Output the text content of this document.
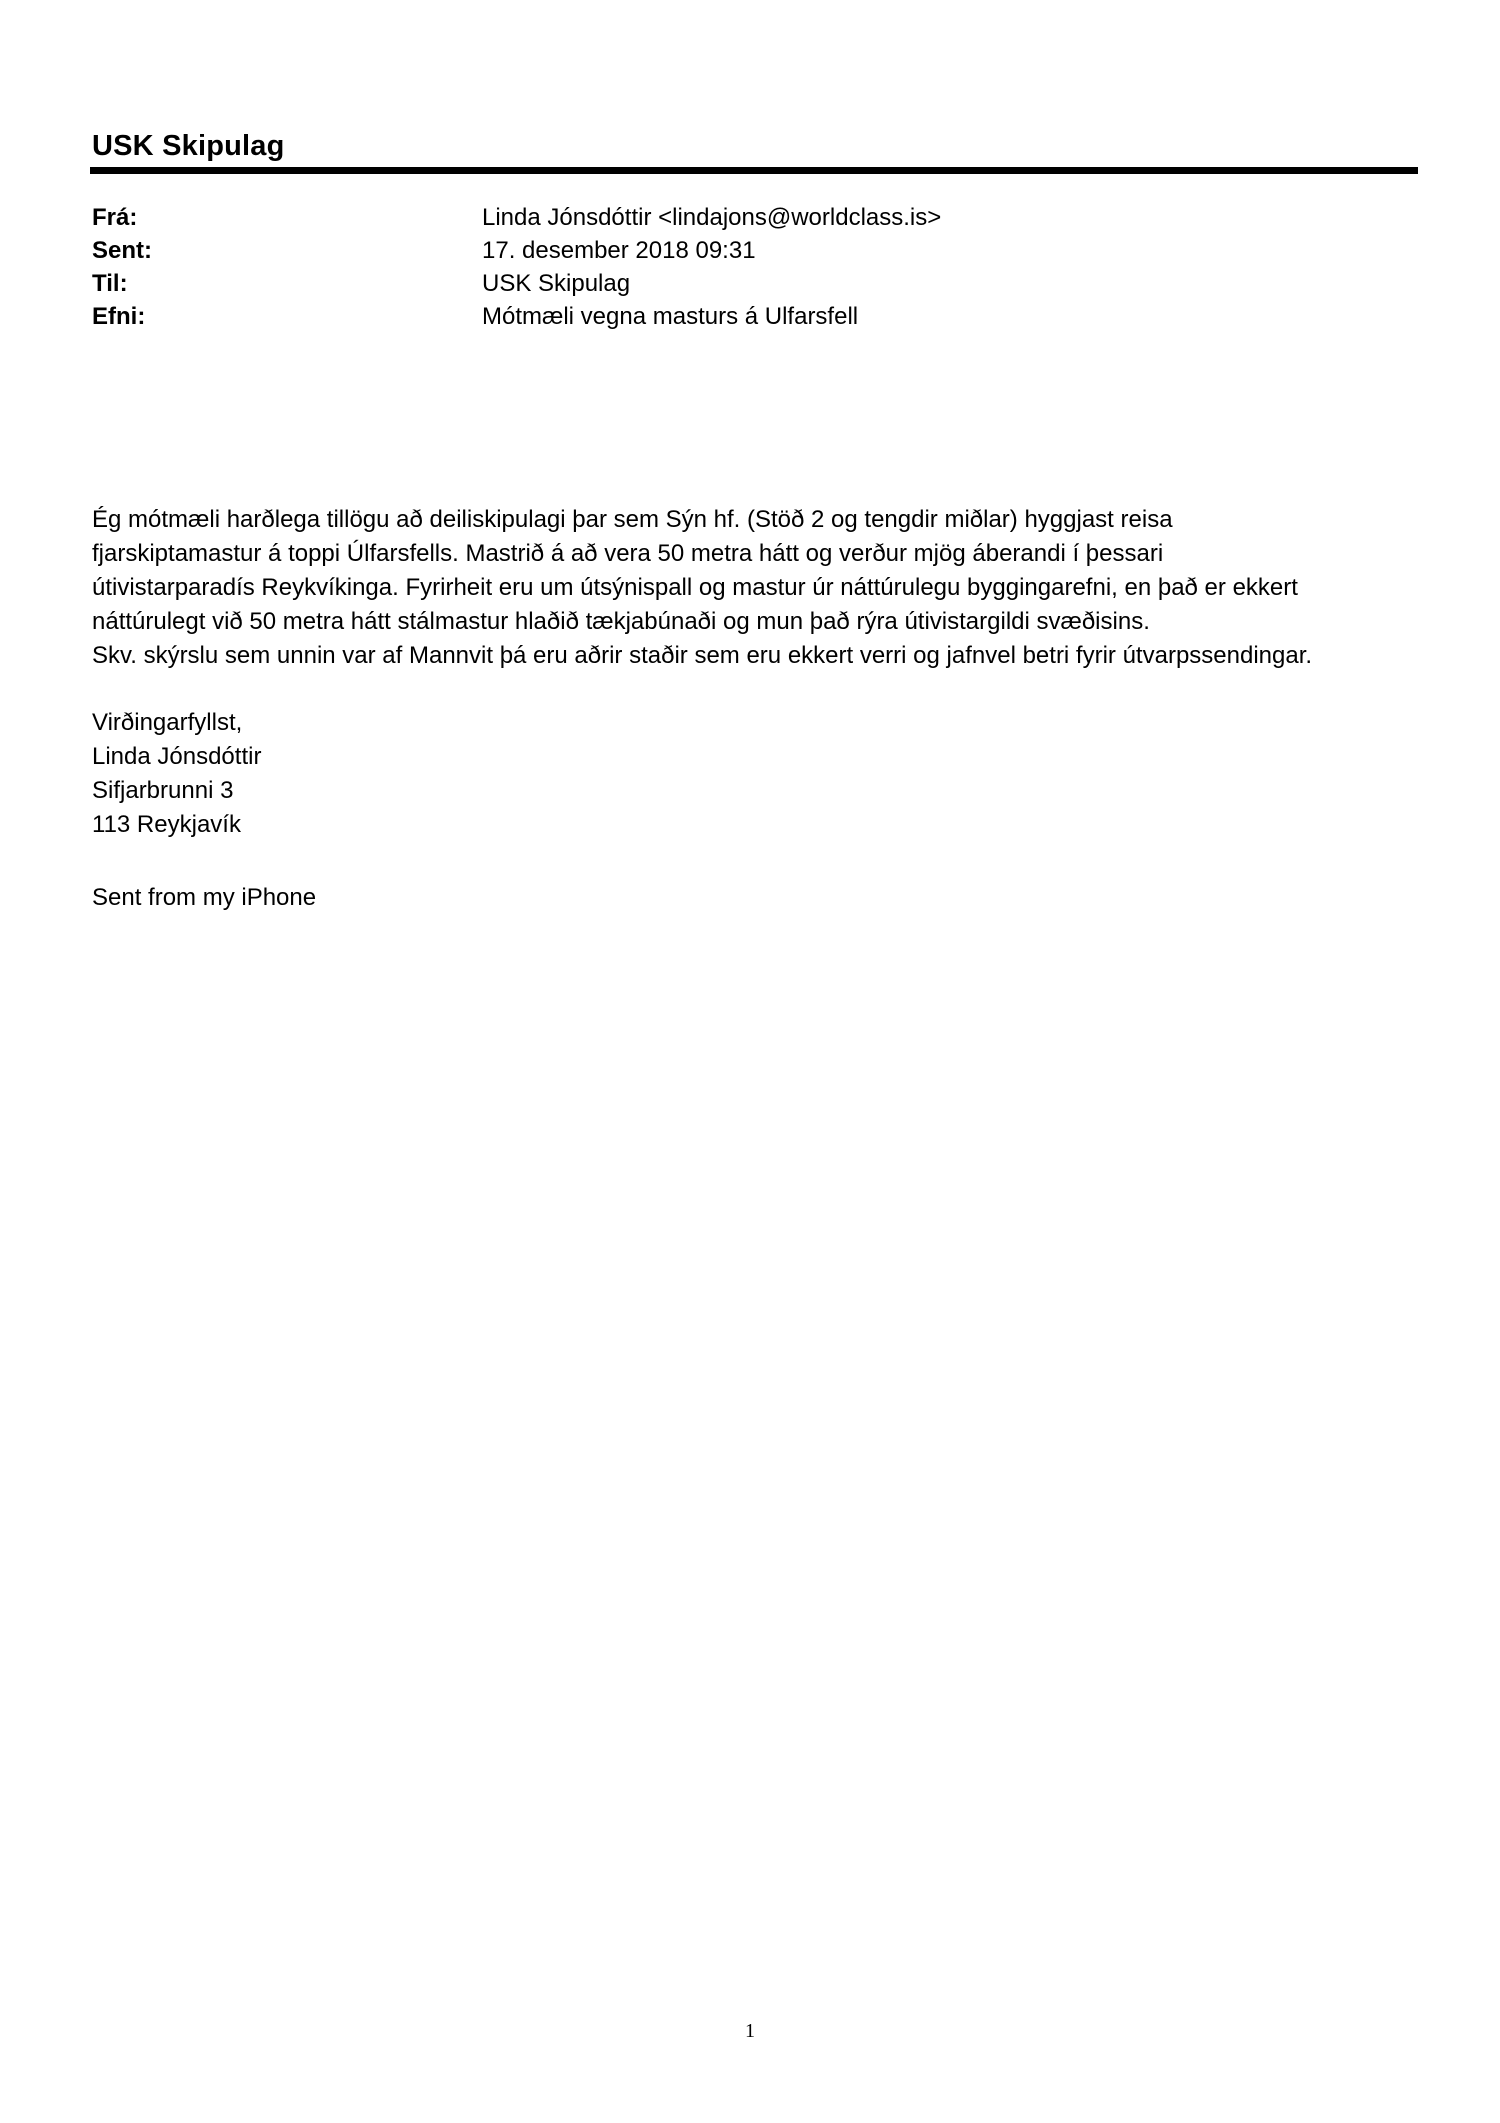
USK Skipulag
Frá:	Linda Jónsdóttir <lindajons@worldclass.is>
Sent:	17. desember 2018 09:31
Til:	USK Skipulag
Efni:	Mótmæli vegna masturs á Ulfarsfell

Ég mótmæli harðlega tillögu að deiliskipulagi þar sem Sýn hf. (Stöð 2 og tengdir miðlar) hyggjast reisa

fjarskiptamastur á toppi Úlfarsfells. Mastrið á að vera 50 metra hátt og verður mjög áberandi í þessari

útivistarparadís Reykvíkinga. Fyrirheit eru um útsýnispall og mastur úr náttúrulegu byggingarefni, en það er ekkert

náttúrulegt við 50 metra hátt stálmastur hlaðið tækjabúnaði og mun það rýra útivistargildi svæðisins.

Skv. skýrslu sem unnin var af Mannvit þá eru aðrir staðir sem eru ekkert verri og jafnvel betri fyrir útvarpssendingar.

Virðingarfyllst,

Linda Jónsdóttir

Sifjarbrunni 3

113 Reykjavík

Sent from my iPhone
1
